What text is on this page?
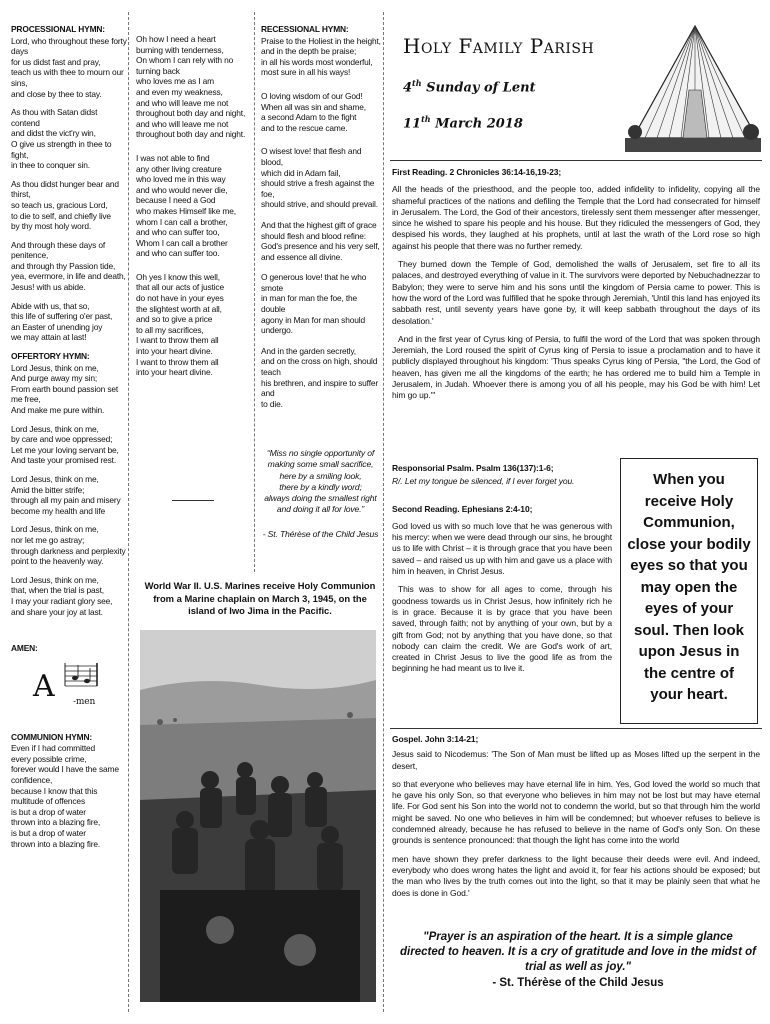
PROCESSIONAL HYMN:

Lord, who throughout these forty days
for us didst fast and pray,
teach us with thee to mourn our sins,
and close by thee to stay.

As thou with Satan didst contend
and didst the vict'ry win,
O give us strength in thee to fight,
in thee to conquer sin.

As thou didst hunger bear and thirst,
so teach us, gracious Lord,
to die to self, and chiefly live
by thy most holy word.

And through these days of penitence,
and through thy Passion tide,
yea, evermore, in life and death,
Jesus! with us abide.

Abide with us, that so,
this life of suffering o'er past,
an Easter of unending joy
we may attain at last!

OFFERTORY HYMN:

Lord Jesus, think on me,
And purge away my sin;
From earth bound passion set me free,
And make me pure within.

Lord Jesus, think on me,
by care and woe oppressed;
Let me your loving servant be,
And taste your promised rest.

Lord Jesus, think on me,
Amid the bitter strife;
through all my pain and misery
become my health and life

Lord Jesus, think on me,
nor let me go astray;
through darkness and perplexity
point to the heavenly way.

Lord Jesus, think on me,
that, when the trial is past,
I may your radiant glory see,
and share your joy at last.

AMEN:
A -men
COMMUNION HYMN:

Even if I had committed
every possible crime,
forever would I have the same
confidence,
because I know that this
multitude of offences
is but a drop of water
thrown into a blazing fire,
is but a drop of water
thrown into a blazing fire.

Oh how I need a heart
burning with tenderness,
On whom I can rely with no turning back
who loves me as I am
and even my weakness,
and who will leave me not
throughout both day and night,
and who will leave me not
throughout both day and night.

I was not able to find
any other living creature
who loved me in this way
and who would never die,
because I need a God
who makes Himself like me,
whom I can call a brother,
and who can suffer too,
Whom I can call a brother
and who can suffer too.

Oh yes I know this well,
that all our acts of justice
do not have in your eyes
the slightest worth at all,
and so to give a price
to all my sacrifices,
I want to throw them all
into your heart divine.
I want to throw them all
into your heart divine.

RECESSIONAL HYMN:

Praise to the Holiest in the height,
and in the depth be praise;
in all his words most wonderful,
most sure in all his ways!

O loving wisdom of our God!
When all was sin and shame,
a second Adam to the fight
and to the rescue came.

O wisest love! that flesh and blood,
which did in Adam fail,
should strive a fresh against the foe,
should strive, and should prevail.

And that the highest gift of grace
should flesh and blood refine:
God's presence and his very self,
and essence all divine.

O generous love! that he who smote
in man for man the foe, the double
agony in Man for man should undergo.

And in the garden secretly,
and on the cross on high, should teach
his brethren, and inspire to suffer and
to die.

“Miss no single opportunity of
making some small sacrifice,
here by a smiling look,
there by a kindly word;
always doing the smallest right
and doing it all for love.”

- St. Thérèse of the Child Jesus

World War II. U.S. Marines receive Holy Communion from a Marine chaplain on March 3, 1945, on the island of Iwo Jima in the Pacific.
Holy Family Parish
4th Sunday of Lent
11th March 2018
First Reading. 2 Chronicles 36:14-16,19-23;

All the heads of the priesthood, and the people too, added infidelity to infidelity, copying all the shameful practices of the nations and defiling the Temple that the Lord had consecrated for himself in Jerusalem. The Lord, the God of their ancestors, tirelessly sent them messenger after messenger, since he wished to spare his people and his house. But they ridiculed the messengers of God, they despised his words, they laughed at his prophets, until at last the wrath of the Lord rose so high against his people that there was no further remedy.

They burned down the Temple of God, demolished the walls of Jerusalem, set fire to all its palaces, and destroyed everything of value in it. The survivors were deported by Nebuchadnezzar to Babylon; they were to serve him and his sons until the kingdom of Persia came to power. This is how the word of the Lord was fulfilled that he spoke through Jeremiah, 'Until this land has enjoyed its sabbath rest, until seventy years have gone by, it will keep sabbath throughout the days of its desolation.'

And in the first year of Cyrus king of Persia, to fulfil the word of the Lord that was spoken through Jeremiah, the Lord roused the spirit of Cyrus king of Persia to issue a proclamation and to have it publicly displayed throughout his kingdom: 'Thus speaks Cyrus king of Persia, "the Lord, the God of heaven, has given me all the kingdoms of the earth; he has ordered me to build him a Temple in Jerusalem, in Judah. Whoever there is among you of all his people, may his God be with him! Let him go up."'

Responsorial Psalm. Psalm 136(137):1-6;
R/. Let my tongue be silenced, if I ever forget you.
Second Reading. Ephesians 2:4-10;

God loved us with so much love that he was generous with his mercy: when we were dead through our sins, he brought us to life with Christ – it is through grace that you have been saved – and raised us up with him and gave us a place with him in heaven, in Christ Jesus.

This was to show for all ages to come, through his goodness towards us in Christ Jesus, how infinitely rich he is in grace. Because it is by grace that you have been saved, through faith; not by anything of your own, but by a gift from God; not by anything that you have done, so that nobody can claim the credit. We are God's work of art, created in Christ Jesus to live the good life as from the beginning he had meant us to live it.

When you receive Holy Communion, close your bodily eyes so that you may open the eyes of your soul. Then look upon Jesus in the centre of your heart.
Gospel. John 3:14-21;

Jesus said to Nicodemus: 'The Son of Man must be lifted up as Moses lifted up the serpent in the desert,

so that everyone who believes may have eternal life in him. Yes, God loved the world so much that he gave his only Son, so that everyone who believes in him may not be lost but may have eternal life. For God sent his Son into the world not to condemn the world, but so that through him the world might be saved. No one who believes in him will be condemned; but whoever refuses to believe is condemned already, because he has refused to believe in the name of God's only Son. On these grounds is sentence pronounced: that though the light has come into the world

men have shown they prefer darkness to the light because their deeds were evil. And indeed, everybody who does wrong hates the light and avoid it, for fear his actions should be exposed; but the man who lives by the truth comes out into the light, so that it may be plainly seen that what he does is done in God.'

"Prayer is an aspiration of the heart. It is a simple glance directed to heaven. It is a cry of gratitude and love in the midst of trial as well as joy."
- St. Thérèse of the Child Jesus
